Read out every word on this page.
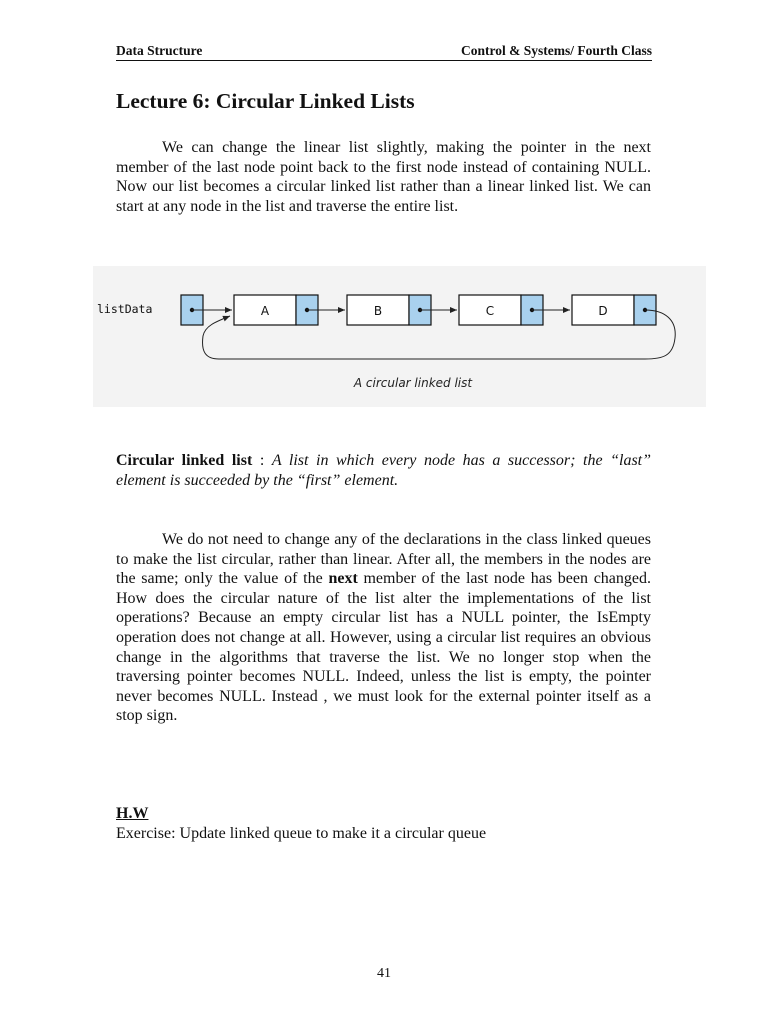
Data Structure	Control & Systems/ Fourth Class
Lecture 6: Circular Linked Lists

We can change the linear list slightly, making the pointer in the next member of the last node point back to the first node instead of containing NULL. Now our list becomes a circular linked list rather than a linear linked list. We can start at any node in the list and traverse the entire list.

listData	A	B	C	D
A circular linked list

Circular linked list : A list in which every node has a successor; the “last” element is succeeded by the “first” element.

We do not need to change any of the declarations in the class linked queues to make the list circular, rather than linear. After all, the members in the nodes are the same; only the value of the next member of the last node has been changed. How does the circular nature of the list alter the implementations of the list operations? Because an empty circular list has a NULL pointer, the IsEmpty operation does not change at all. However, using a circular list requires an obvious change in the algorithms that traverse the list. We no longer stop when the traversing pointer becomes NULL. Indeed, unless the list is empty, the pointer never becomes NULL. Instead , we must look for the external pointer itself as a stop sign.

H.W

Exercise: Update linked queue to make it a circular queue

41
